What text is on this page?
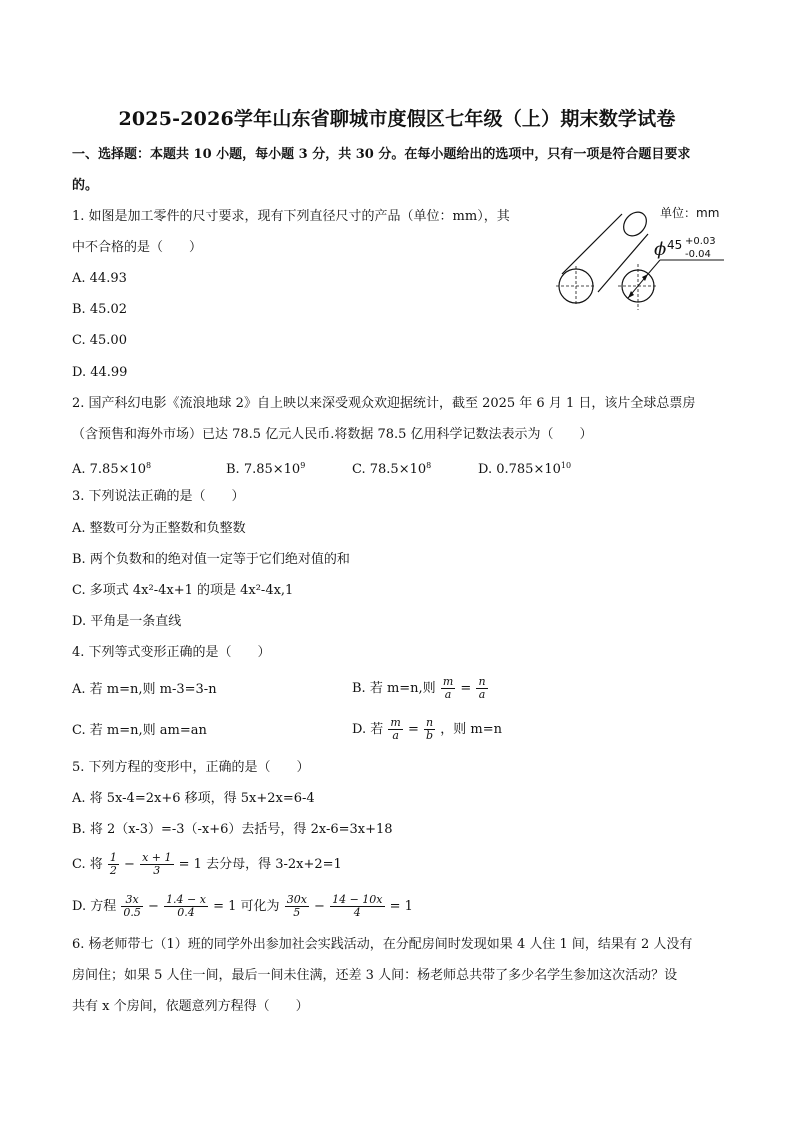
2025-2026学年山东省聊城市度假区七年级（上）期末数学试卷
一、选择题：本题共 10 小题，每小题 3 分，共 30 分。在每小题给出的选项中，只有一项是符合题目要求
的。
1. 如图是加工零件的尺寸要求，现有下列直径尺寸的产品（单位：mm），其
中不合格的是（　　）
A. 44.93
B. 45.02
C. 45.00
D. 44.99
单位：mm
ϕ 45 +0.03
-0.04
2. 国产科幻电影《流浪地球 2》自上映以来深受观众欢迎据统计，截至 2025 年 6 月 1 日，该片全球总票房
（含预售和海外市场）已达 78.5 亿元人民币.将数据 78.5 亿用科学记数法表示为（　　）
A. $7.85\times 10^8$	B. $7.85\times 10^9$	C. $78.5\times 10^8$	D. $0.785\times 10^{10}$
3. 下列说法正确的是（　　）
A. 整数可分为正整数和负整数
B. 两个负数和的绝对值一定等于它们绝对值的和
C. 多项式 4x²-4x+1 的项是 4x²-4x,1
D. 平角是一条直线
4. 下列等式变形正确的是（　　）
A. 若 m=n,则 m-3=3-n	B. 若 m=n,则 $\frac{m}{a} = \frac{n}{a}$
C. 若 m=n,则 am=an	D. 若 $\frac{m}{a} = \frac{n}{b}$ ，则 m=n
5. 下列方程的变形中，正确的是（　　）
A. 将 5x-4=2x+6 移项，得 5x+2x=6-4
B. 将 2（x-3）=-3（-x+6）去括号，得 2x-6=3x+18
C. 将 $\frac{1}{2} - \frac{x + 1}{3} = 1$ 去分母，得 3-2x+2=1
D. 方程 $\frac{3x}{0.5} - \frac{1.4 - x}{0.4} = 1$ 可化为 $\frac{30x}{5} - \frac{14 - 10x}{4} = 1$
6. 杨老师带七（1）班的同学外出参加社会实践活动，在分配房间时发现如果 4 人住 1 间，结果有 2 人没有
房间住；如果 5 人住一间，最后一间未住满，还差 3 人间：杨老师总共带了多少名学生参加这次活动？设
共有 x 个房间，依题意列方程得（　　）
